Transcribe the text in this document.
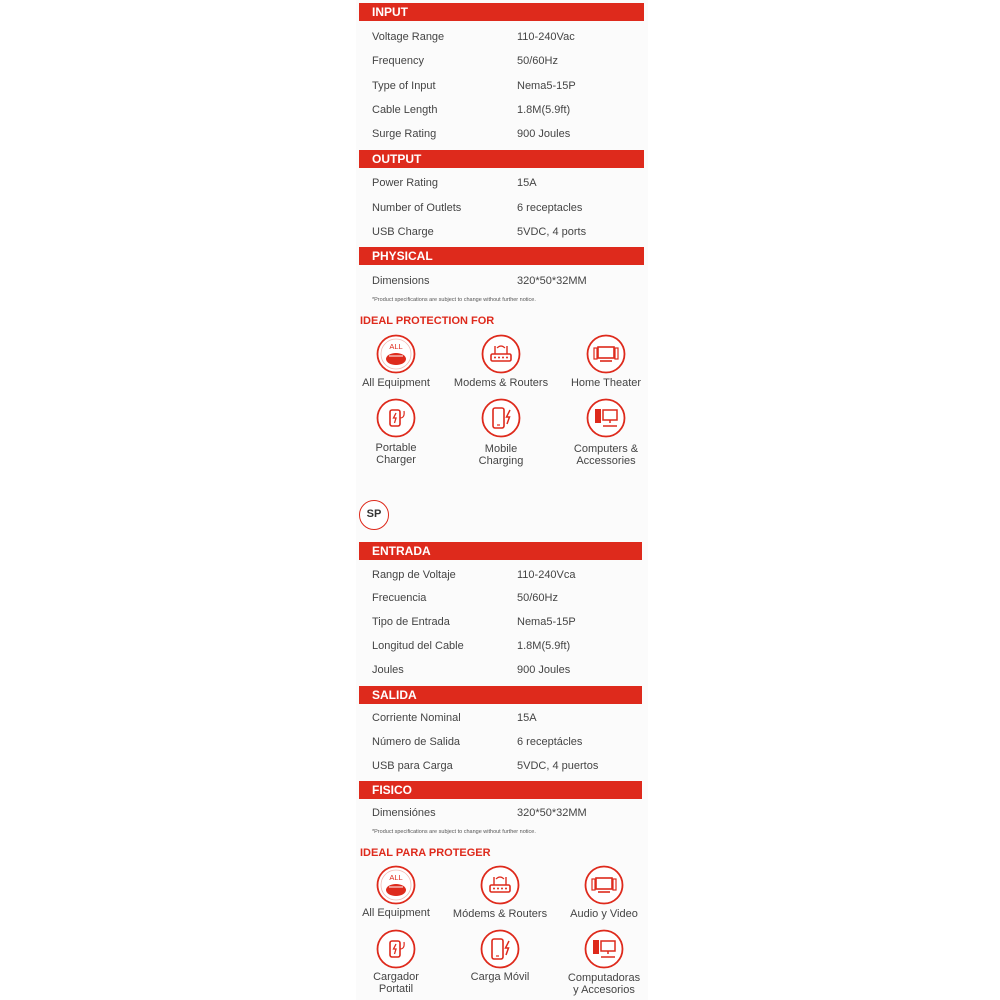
INPUT
Voltage Range	110-240Vac
Frequency	50/60Hz
Type of Input	Nema5-15P
Cable Length	1.8M(5.9ft)
Surge Rating	900 Joules
OUTPUT
Power Rating	15A
Number of Outlets	6 receptacles
USB Charge	5VDC, 4 ports
PHYSICAL
Dimensions	320*50*32MM
*Product specifications are subject to change without further notice.
IDEAL PROTECTION FOR
ALL
All Equipment	Modems & Routers	Home Theater
Portable
Charger
Mobile
Charging
Computers &
Accessories
SP
ENTRADA
Rangp de Voltaje	110-240Vca
Frecuencia	50/60Hz
Tipo de Entrada	Nema5-15P
Longitud del Cable	1.8M(5.9ft)
Joules	900 Joules
SALIDA
Corriente Nominal	15A
Número de Salida	6 receptácles
USB para Carga	5VDC, 4 puertos
FISICO
Dimensiónes	320*50*32MM
*Product specifications are subject to change without further notice.
IDEAL PARA PROTEGER
ALL
All Equipment	Módems & Routers	Audio y Video
Cargador
Portatil
Carga Móvil	Computadoras
y Accesorios
